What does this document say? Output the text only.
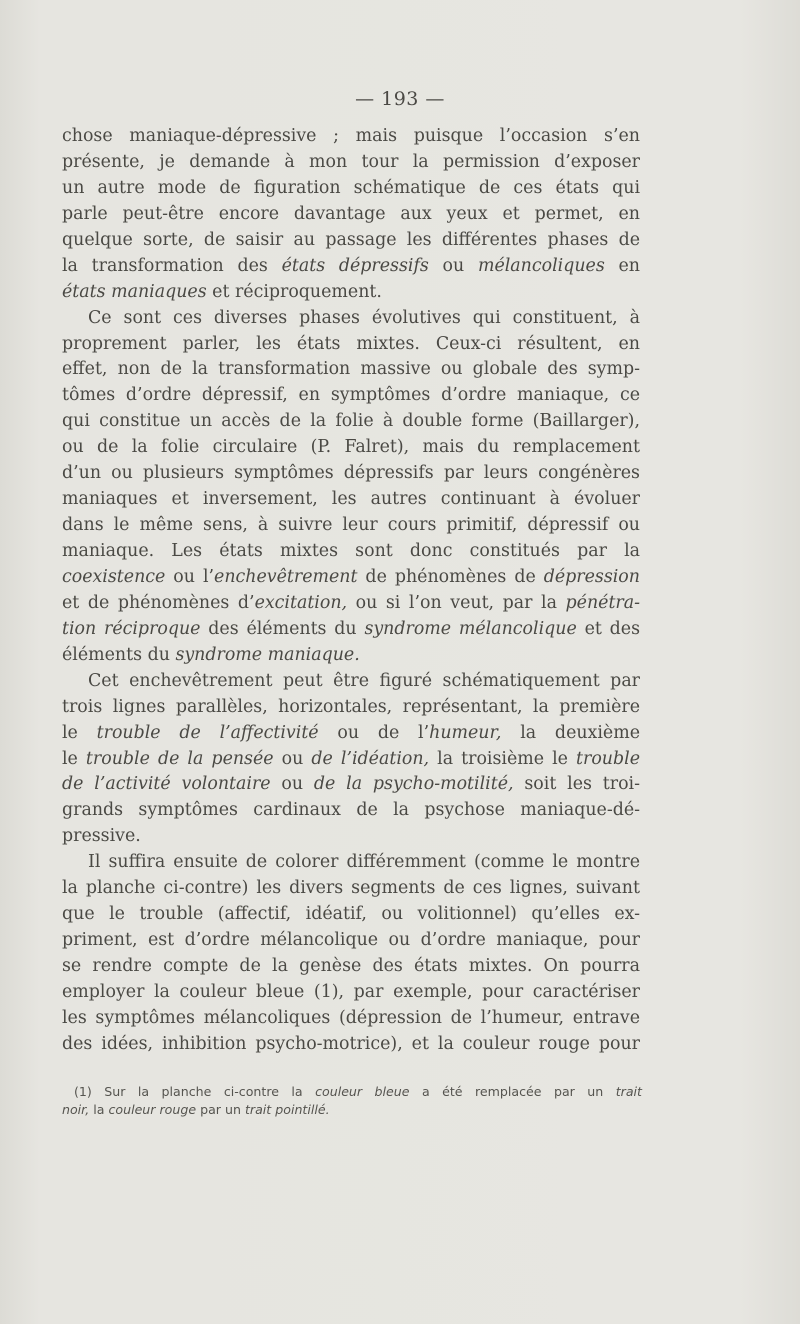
— 193 —
chose maniaque-dépressive ; mais puisque l’occasion s’en
présente, je demande à mon tour la permission d’exposer
un autre mode de figuration schématique de ces états qui
parle peut-être encore davantage aux yeux et permet, en
quelque sorte, de saisir au passage les différentes phases de
la transformation des états dépressifs ou mélancoliques en
états maniaques et réciproquement.
Ce sont ces diverses phases évolutives qui constituent, à
proprement parler, les états mixtes. Ceux-ci résultent, en
effet, non de la transformation massive ou globale des symp-
tômes d’ordre dépressif, en symptômes d’ordre maniaque, ce
qui constitue un accès de la folie à double forme (Baillarger),
ou de la folie circulaire (P. Falret), mais du remplacement
d’un ou plusieurs symptômes dépressifs par leurs congénères
maniaques et inversement, les autres continuant à évoluer
dans le même sens, à suivre leur cours primitif, dépressif ou
maniaque. Les états mixtes sont donc constitués par la
coexistence ou l’enchevêtrement de phénomènes de dépression
et de phénomènes d’excitation, ou si l’on veut, par la pénétra-
tion réciproque des éléments du syndrome mélancolique et des
éléments du syndrome maniaque.
Cet enchevêtrement peut être figuré schématiquement par
trois lignes parallèles, horizontales, représentant, la première
le trouble de l’affectivité ou de l’humeur, la deuxième
le trouble de la pensée ou de l’idéation, la troisième le trouble
de l’activité volontaire ou de la psycho-motilité, soit les troi-
grands symptômes cardinaux de la psychose maniaque-dé-
pressive.
Il suffira ensuite de colorer différemment (comme le montre
la planche ci-contre) les divers segments de ces lignes, suivant
que le trouble (affectif, idéatif, ou volitionnel) qu’elles ex-
priment, est d’ordre mélancolique ou d’ordre maniaque, pour
se rendre compte de la genèse des états mixtes. On pourra
employer la couleur bleue (1), par exemple, pour caractériser
les symptômes mélancoliques (dépression de l’humeur, entrave
des idées, inhibition psycho-motrice), et la couleur rouge pour
(1) Sur la planche ci-contre la couleur bleue a été remplacée par un trait
noir, la couleur rouge par un trait pointillé.
